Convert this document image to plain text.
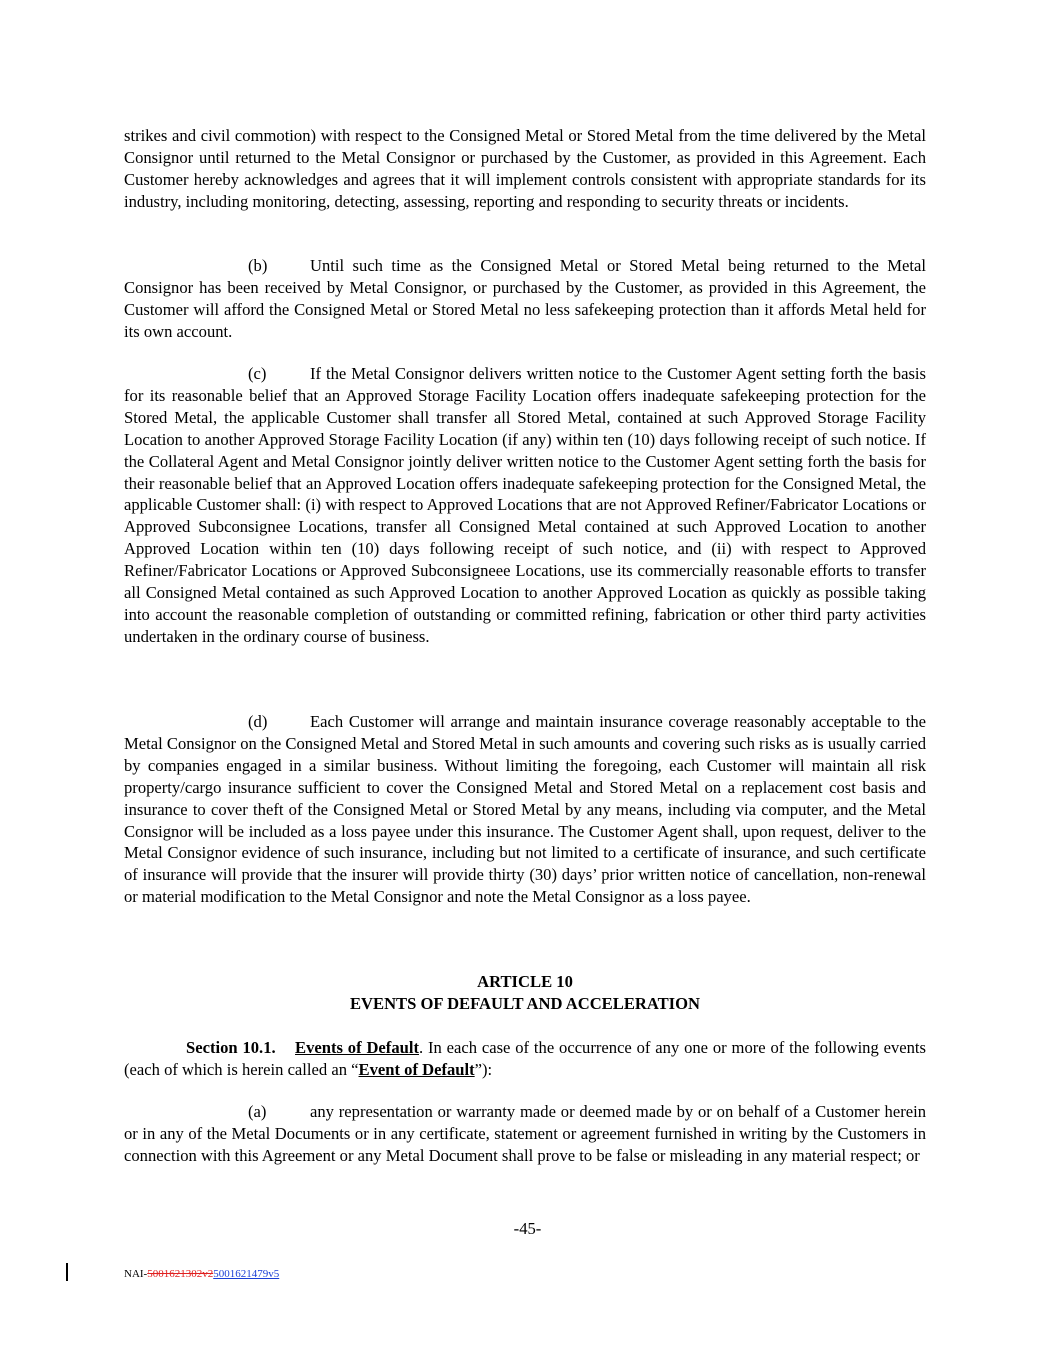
strikes and civil commotion) with respect to the Consigned Metal or Stored Metal from the time delivered by the Metal Consignor until returned to the Metal Consignor or purchased by the Customer, as provided in this Agreement. Each Customer hereby acknowledges and agrees that it will implement controls consistent with appropriate standards for its industry, including monitoring, detecting, assessing, reporting and responding to security threats or incidents.

(b)	Until such time as the Consigned Metal or Stored Metal being returned to the Metal Consignor has been received by Metal Consignor, or purchased by the Customer, as provided in this Agreement, the Customer will afford the Consigned Metal or Stored Metal no less safekeeping protection than it affords Metal held for its own account.

(c)	If the Metal Consignor delivers written notice to the Customer Agent setting forth the basis for its reasonable belief that an Approved Storage Facility Location offers inadequate safekeeping protection for the Stored Metal, the applicable Customer shall transfer all Stored Metal, contained at such Approved Storage Facility Location to another Approved Storage Facility Location (if any) within ten (10) days following receipt of such notice. If the Collateral Agent and Metal Consignor jointly deliver written notice to the Customer Agent setting forth the basis for their reasonable belief that an Approved Location offers inadequate safekeeping protection for the Consigned Metal, the applicable Customer shall: (i) with respect to Approved Locations that are not Approved Refiner/Fabricator Locations or Approved Subconsignee Locations, transfer all Consigned Metal contained at such Approved Location to another Approved Location within ten (10) days following receipt of such notice, and (ii) with respect to Approved Refiner/Fabricator Locations or Approved Subconsigneee Locations, use its commercially reasonable efforts to transfer all Consigned Metal contained as such Approved Location to another Approved Location as quickly as possible taking into account the reasonable completion of outstanding or committed refining, fabrication or other third party activities undertaken in the ordinary course of business.

(d)	Each Customer will arrange and maintain insurance coverage reasonably acceptable to the Metal Consignor on the Consigned Metal and Stored Metal in such amounts and covering such risks as is usually carried by companies engaged in a similar business. Without limiting the foregoing, each Customer will maintain all risk property/cargo insurance sufficient to cover the Consigned Metal and Stored Metal on a replacement cost basis and insurance to cover theft of the Consigned Metal or Stored Metal by any means, including via computer, and the Metal Consignor will be included as a loss payee under this insurance. The Customer Agent shall, upon request, deliver to the Metal Consignor evidence of such insurance, including but not limited to a certificate of insurance, and such certificate of insurance will provide that the insurer will provide thirty (30) days’ prior written notice of cancellation, non-renewal or material modification to the Metal Consignor and note the Metal Consignor as a loss payee.

ARTICLE 10

EVENTS OF DEFAULT AND ACCELERATION

Section 10.1. Events of Default. In each case of the occurrence of any one or more of the following events (each of which is herein called an “Event of Default”):

(a)	any representation or warranty made or deemed made by or on behalf of a Customer herein or in any of the Metal Documents or in any certificate, statement or agreement furnished in writing by the Customers in connection with this Agreement or any Metal Document shall prove to be false or misleading in any material respect; or

-45-

NAI-5001621302v25001621479v5
